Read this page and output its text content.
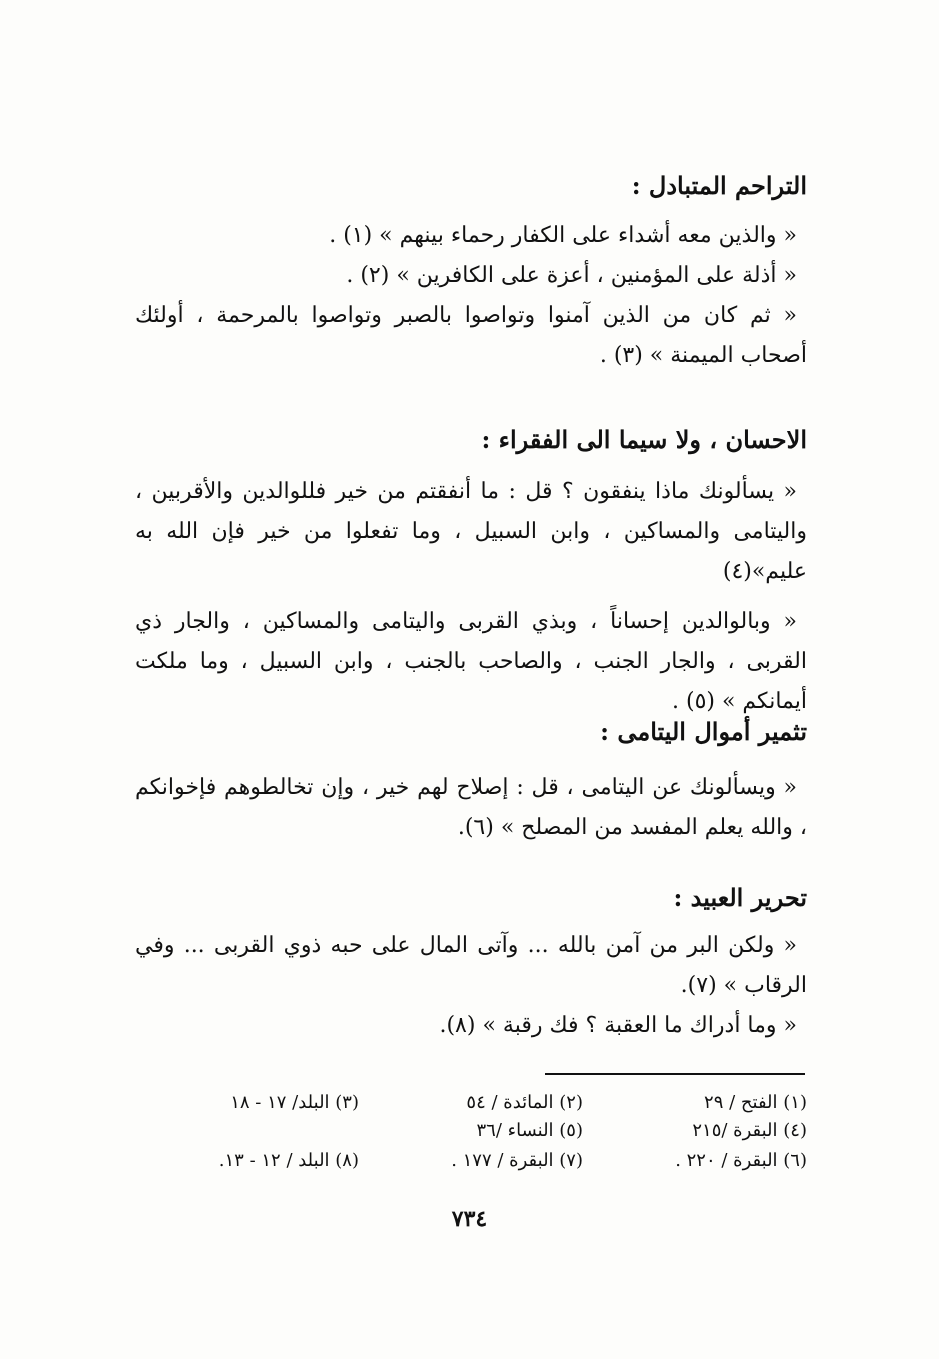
التراحم المتبادل :

« والذين معه أشداء على الكفار رحماء بينهم » (١) .

« أذلة على المؤمنين ، أعزة على الكافرين » (٢) .

« ثم كان من الذين آمنوا وتواصوا بالصبر وتواصوا بالمرحمة ، أولئك أصحاب الميمنة » (٣) .

الاحسان ، ولا سيما الى الفقراء :

« يسألونك ماذا ينفقون ؟ قل : ما أنفقتم من خير فللوالدين والأقربين ، واليتامى والمساكين ، وابن السبيل ، وما تفعلوا من خير فإن الله به عليم»(٤)

« وبالوالدين إحساناً ، وبذي القربى واليتامى والمساكين ، والجار ذي القربى ، والجار الجنب ، والصاحب بالجنب ، وابن السبيل ، وما ملكت أيمانكم » (٥) .

تثمير أموال اليتامى :

« ويسألونك عن اليتامى ، قل : إصلاح لهم خير ، وإن تخالطوهم فإخوانكم ، والله يعلم المفسد من المصلح » (٦).

تحرير العبيد :

« ولكن البر من آمن بالله ... وآتى المال على حبه ذوي القربى ... وفي الرقاب » (٧).

« وما أدراك ما العقبة ؟ فك رقبة » (٨).

(١) الفتح / ٢٩
(٢) المائدة / ٥٤
(٣) البلد/ ١٧ - ١٨
(٤) البقرة /٢١٥
(٥) النساء /٣٦
(٦) البقرة / ٢٢٠ .
(٧) البقرة / ١٧٧ .
(٨) البلد / ١٢ - ١٣.
٧٣٤
